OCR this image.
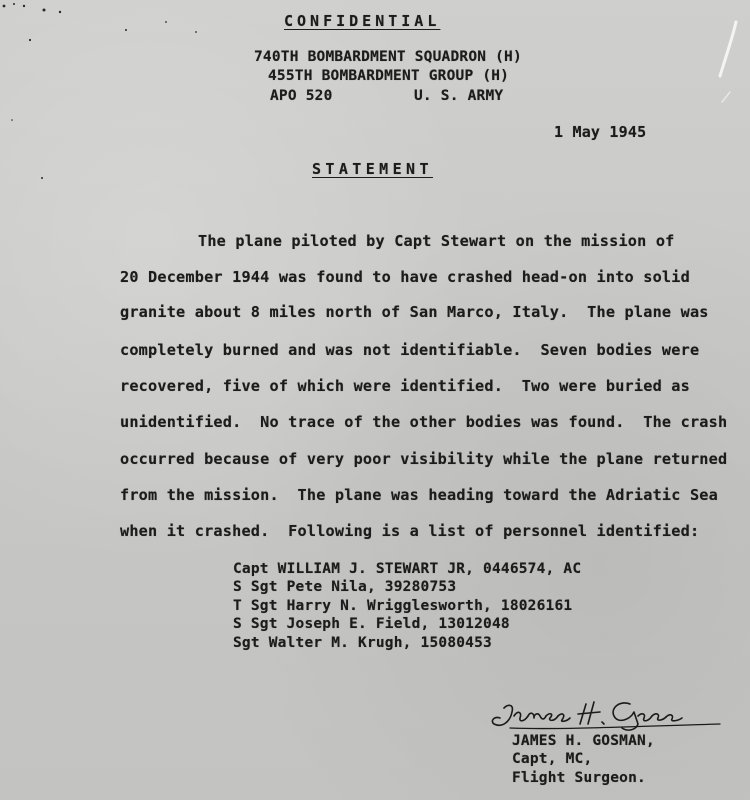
CONFIDENTIAL
740TH BOMBARDMENT SQUADRON (H)
455TH BOMBARDMENT GROUP (H)
APO 520	U. S. ARMY
1 May 1945
STATEMENT
The plane piloted by Capt Stewart on the mission of
20 December 1944 was found to have crashed head-on into solid
granite about 8 miles north of San Marco, Italy.  The plane was
completely burned and was not identifiable.  Seven bodies were
recovered, five of which were identified.  Two were buried as
unidentified.  No trace of the other bodies was found.  The crash
occurred because of very poor visibility while the plane returned
from the mission.  The plane was heading toward the Adriatic Sea
when it crashed.  Following is a list of personnel identified:
Capt WILLIAM J. STEWART JR, 0446574, AC
S Sgt Pete Nila, 39280753
T Sgt Harry N. Wrigglesworth, 18026161
S Sgt Joseph E. Field, 13012048
Sgt Walter M. Krugh, 15080453
JAMES H. GOSMAN,
Capt, MC,
Flight Surgeon.
